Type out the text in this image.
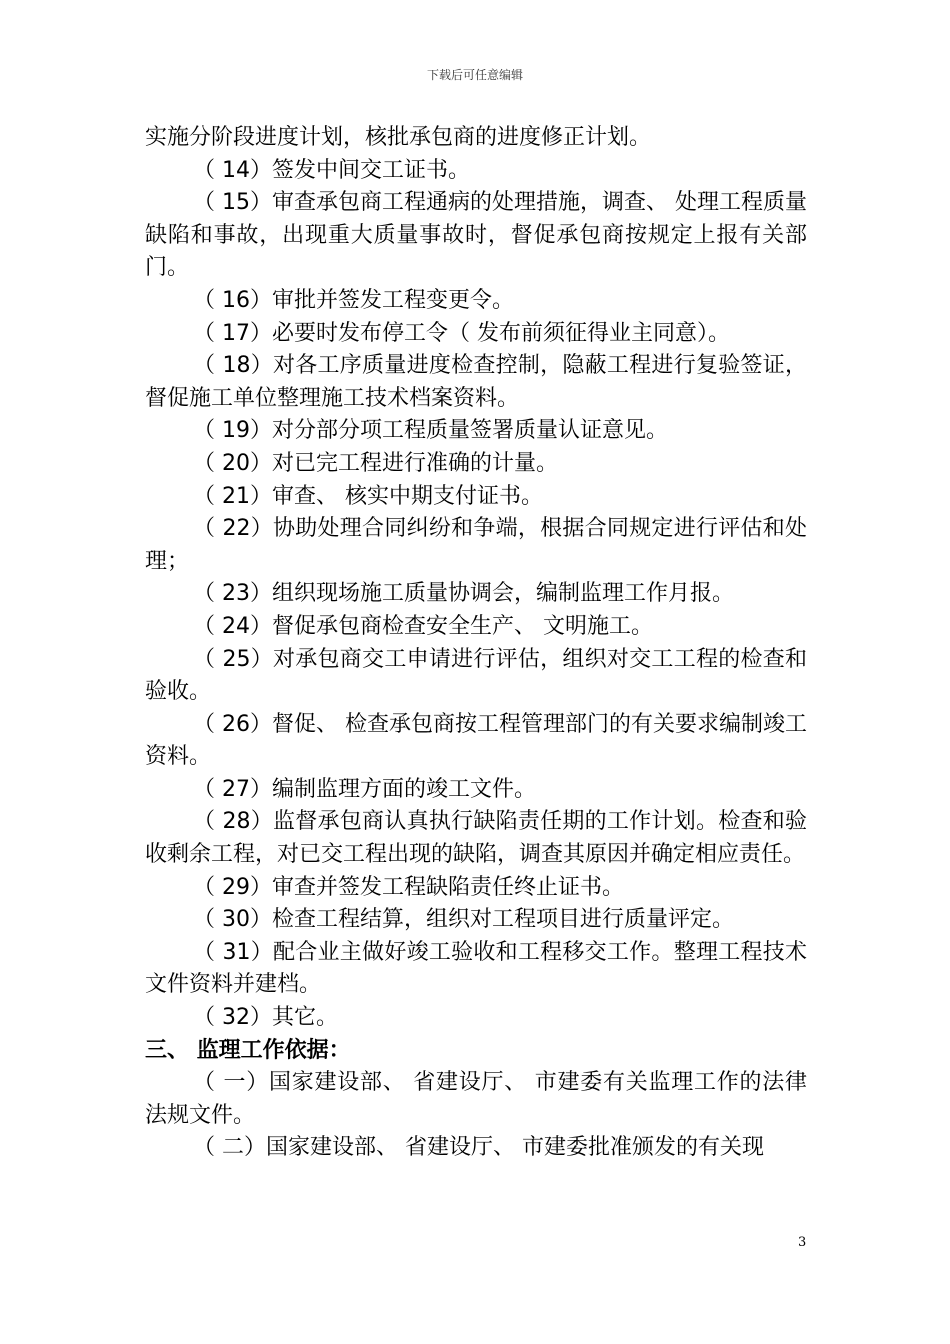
下载后可任意编辑

实施分阶段进度计划，核批承包商的进度修正计划。

（ 14）签发中间交工证书。

（ 15）审查承包商工程通病的处理措施，调查、 处理工程质量缺陷和事故，出现重大质量事故时，督促承包商按规定上报有关部门。

（ 16）审批并签发工程变更令。

（ 17）必要时发布停工令（ 发布前须征得业主同意）。

（ 18）对各工序质量进度检查控制，隐蔽工程进行复验签证，督促施工单位整理施工技术档案资料。

（ 19）对分部分项工程质量签署质量认证意见。

（ 20）对已完工程进行准确的计量。

（ 21）审查、 核实中期支付证书。

（ 22）协助处理合同纠纷和争端，根据合同规定进行评估和处理；

（ 23）组织现场施工质量协调会，编制监理工作月报。

（ 24）督促承包商检查安全生产、 文明施工。

（ 25）对承包商交工申请进行评估，组织对交工工程的检查和验收。

（ 26）督促、 检查承包商按工程管理部门的有关要求编制竣工资料。

（ 27）编制监理方面的竣工文件。

（ 28）监督承包商认真执行缺陷责任期的工作计划。检查和验收剩余工程，对已交工程出现的缺陷，调查其原因并确定相应责任。

（ 29）审查并签发工程缺陷责任终止证书。

（ 30）检查工程结算，组织对工程项目进行质量评定。

（ 31）配合业主做好竣工验收和工程移交工作。整理工程技术文件资料并建档。

（ 32）其它。

三、 监理工作依据：

（ 一）国家建设部、 省建设厅、 市建委有关监理工作的法律法规文件。

（ 二）国家建设部、 省建设厅、 市建委批准颁发的有关现

3
